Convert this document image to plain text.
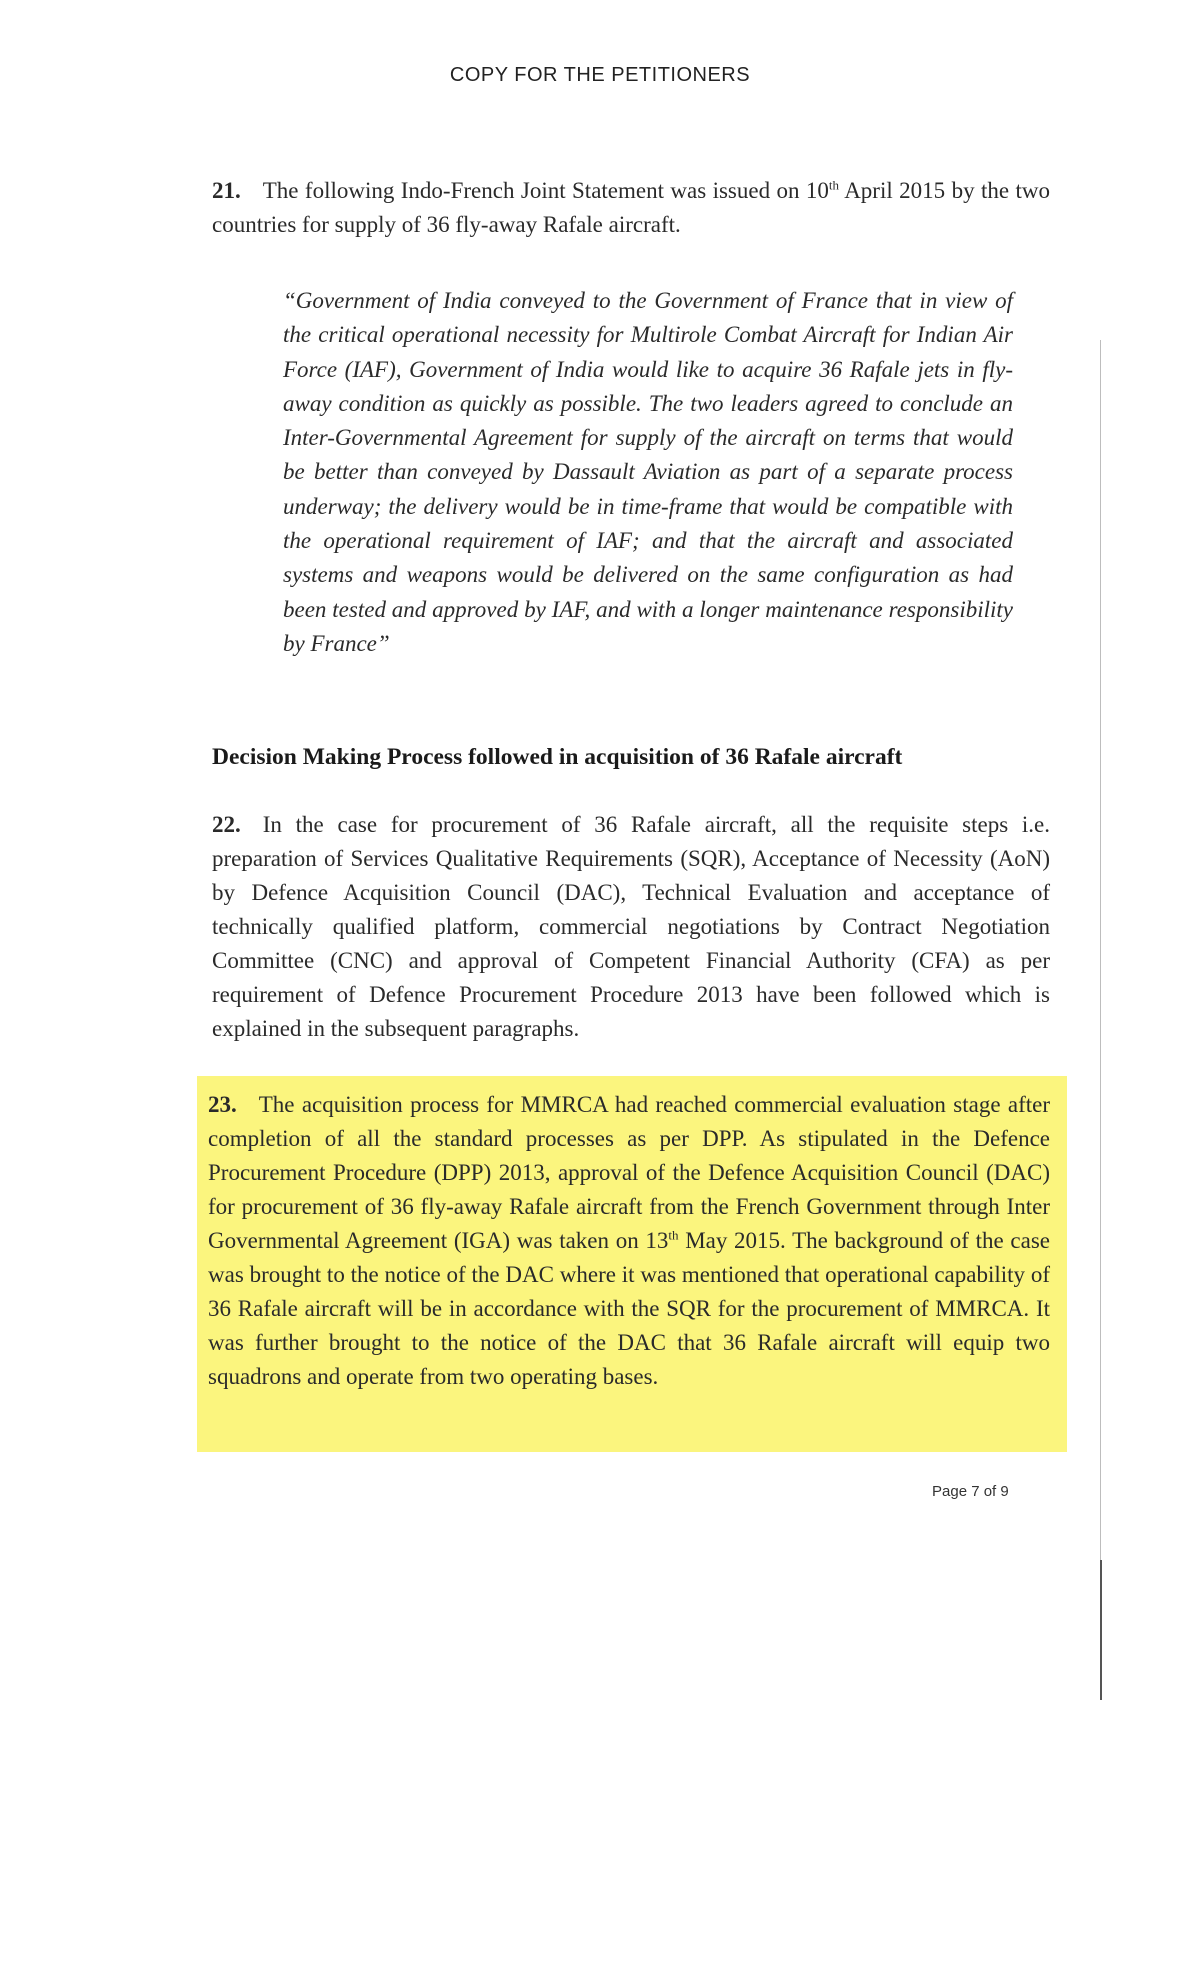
COPY FOR THE PETITIONERS
21. The following Indo-French Joint Statement was issued on 10th April 2015 by the two countries for supply of 36 fly-away Rafale aircraft.
“Government of India conveyed to the Government of France that in view of the critical operational necessity for Multirole Combat Aircraft for Indian Air Force (IAF), Government of India would like to acquire 36 Rafale jets in fly-away condition as quickly as possible. The two leaders agreed to conclude an Inter-Governmental Agreement for supply of the aircraft on terms that would be better than conveyed by Dassault Aviation as part of a separate process underway; the delivery would be in time-frame that would be compatible with the operational requirement of IAF; and that the aircraft and associated systems and weapons would be delivered on the same configuration as had been tested and approved by IAF, and with a longer maintenance responsibility by France”
Decision Making Process followed in acquisition of 36 Rafale aircraft
22. In the case for procurement of 36 Rafale aircraft, all the requisite steps i.e. preparation of Services Qualitative Requirements (SQR), Acceptance of Necessity (AoN) by Defence Acquisition Council (DAC), Technical Evaluation and acceptance of technically qualified platform, commercial negotiations by Contract Negotiation Committee (CNC) and approval of Competent Financial Authority (CFA) as per requirement of Defence Procurement Procedure 2013 have been followed which is explained in the subsequent paragraphs.
23. The acquisition process for MMRCA had reached commercial evaluation stage after completion of all the standard processes as per DPP. As stipulated in the Defence Procurement Procedure (DPP) 2013, approval of the Defence Acquisition Council (DAC) for procurement of 36 fly-away Rafale aircraft from the French Government through Inter Governmental Agreement (IGA) was taken on 13th May 2015. The background of the case was brought to the notice of the DAC where it was mentioned that operational capability of 36 Rafale aircraft will be in accordance with the SQR for the procurement of MMRCA. It was further brought to the notice of the DAC that 36 Rafale aircraft will equip two squadrons and operate from two operating bases.
Page 7 of 9
